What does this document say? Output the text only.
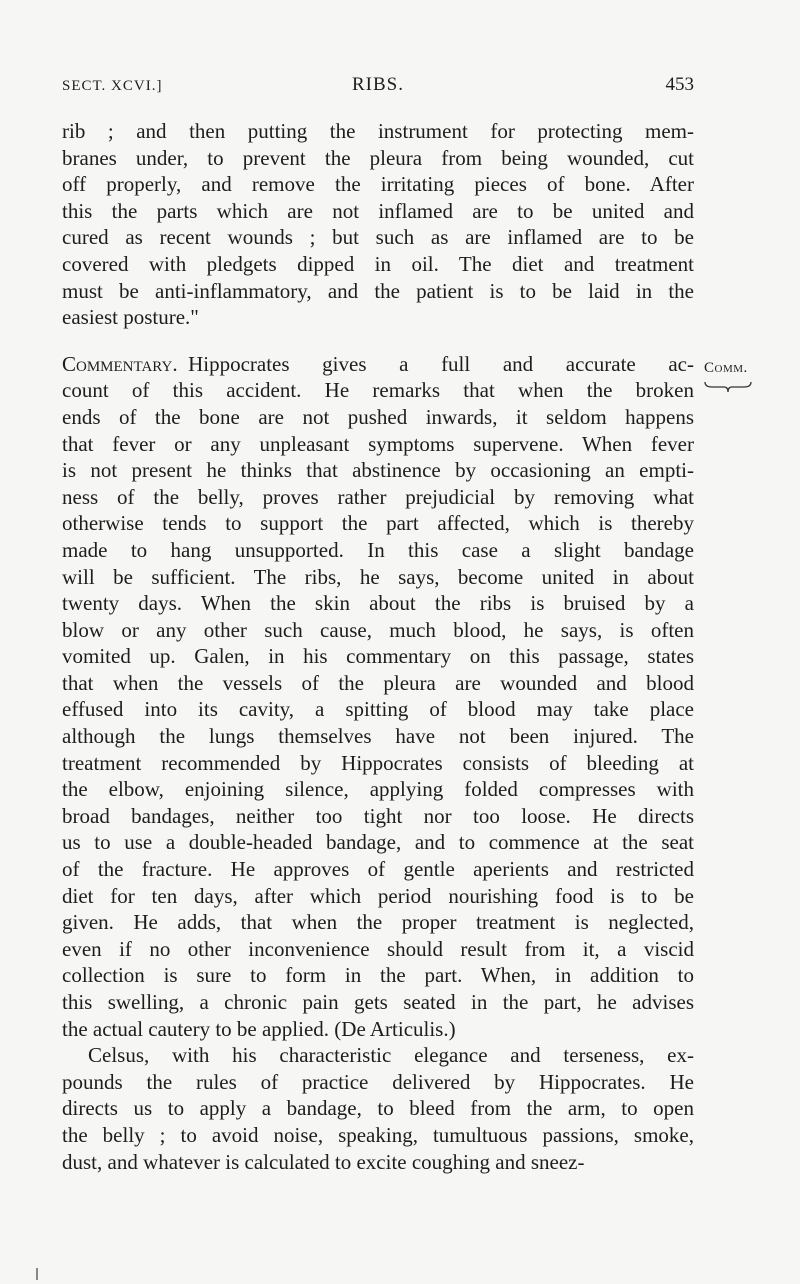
SECT. XCVI.]	RIBS.	453
Comm.
rib ; and then putting the instrument for protecting mem-
branes under, to prevent the pleura from being wounded, cut
off properly, and remove the irritating pieces of bone. After
this the parts which are not inflamed are to be united and
cured as recent wounds ; but such as are inflamed are to be
covered with pledgets dipped in oil. The diet and treatment
must be anti-inflammatory, and the patient is to be laid in the
easiest posture."
Commentary.  Hippocrates gives a full and accurate ac-
count of this accident. He remarks that when the broken
ends of the bone are not pushed inwards, it seldom happens
that fever or any unpleasant symptoms supervene. When fever
is not present he thinks that abstinence by occasioning an empti-
ness of the belly, proves rather prejudicial by removing what
otherwise tends to support the part affected, which is thereby
made to hang unsupported. In this case a slight bandage
will be sufficient. The ribs, he says, become united in about
twenty days. When the skin about the ribs is bruised by a
blow or any other such cause, much blood, he says, is often
vomited up. Galen, in his commentary on this passage, states
that when the vessels of the pleura are wounded and blood
effused into its cavity, a spitting of blood may take place
although the lungs themselves have not been injured. The
treatment recommended by Hippocrates consists of bleeding at
the elbow, enjoining silence, applying folded compresses with
broad bandages, neither too tight nor too loose. He directs
us to use a double-headed bandage, and to commence at the seat
of the fracture. He approves of gentle aperients and restricted
diet for ten days, after which period nourishing food is to be
given. He adds, that when the proper treatment is neglected,
even if no other inconvenience should result from it, a viscid
collection is sure to form in the part. When, in addition to
this swelling, a chronic pain gets seated in the part, he advises
the actual cautery to be applied. (De Articulis.)
Celsus, with his characteristic elegance and terseness, ex-
pounds the rules of practice delivered by Hippocrates. He
directs us to apply a bandage, to bleed from the arm, to open
the belly ; to avoid noise, speaking, tumultuous passions, smoke,
dust, and whatever is calculated to excite coughing and sneez-
